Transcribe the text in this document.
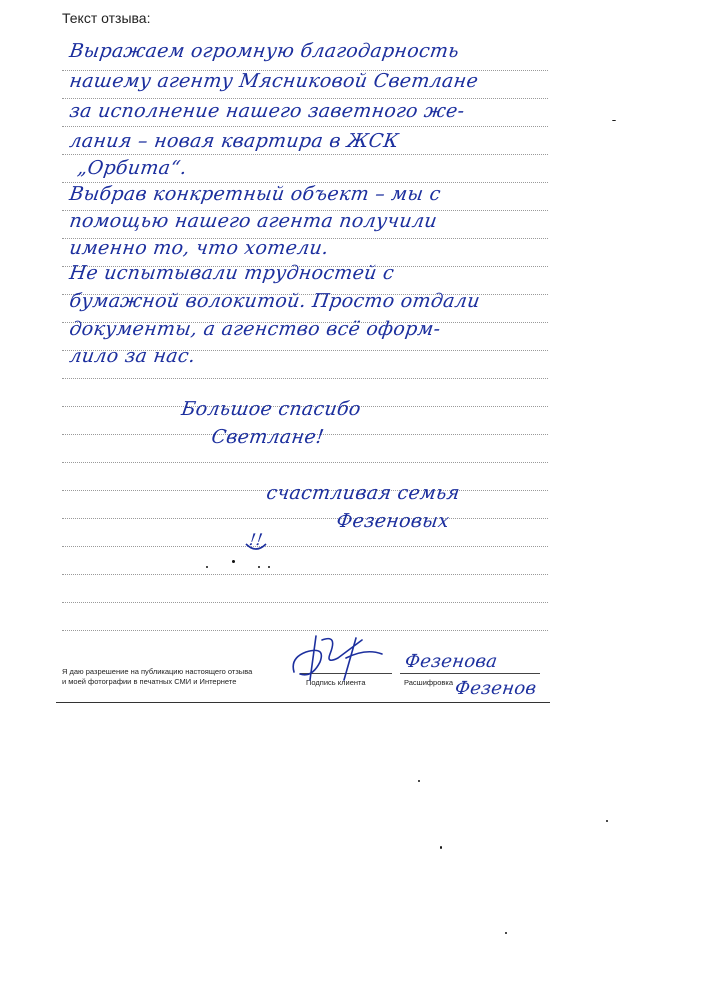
Текст отзыва:
Выражаем огромную благодарность
нашему агенту Мясниковой Светлане
за исполнение нашего заветного же-
лания – новая квартира в ЖСК
„Орбита“.
Выбрав конкретный объект – мы с
помощью нашего агента получили
именно то, что хотели.
Не испытывали трудностей с
бумажной волокитой. Просто отдали
документы, а агенство всё оформ-
лило за нас.
Большое спасибо
Светлане!
счастливая семья
Фезеновых
!!
Я даю разрешение на публикацию настоящего отзыва
и моей фотографии в печатных СМИ и Интернете	Подпись клиента	Расшифровка
Фезенова
Фезенов
